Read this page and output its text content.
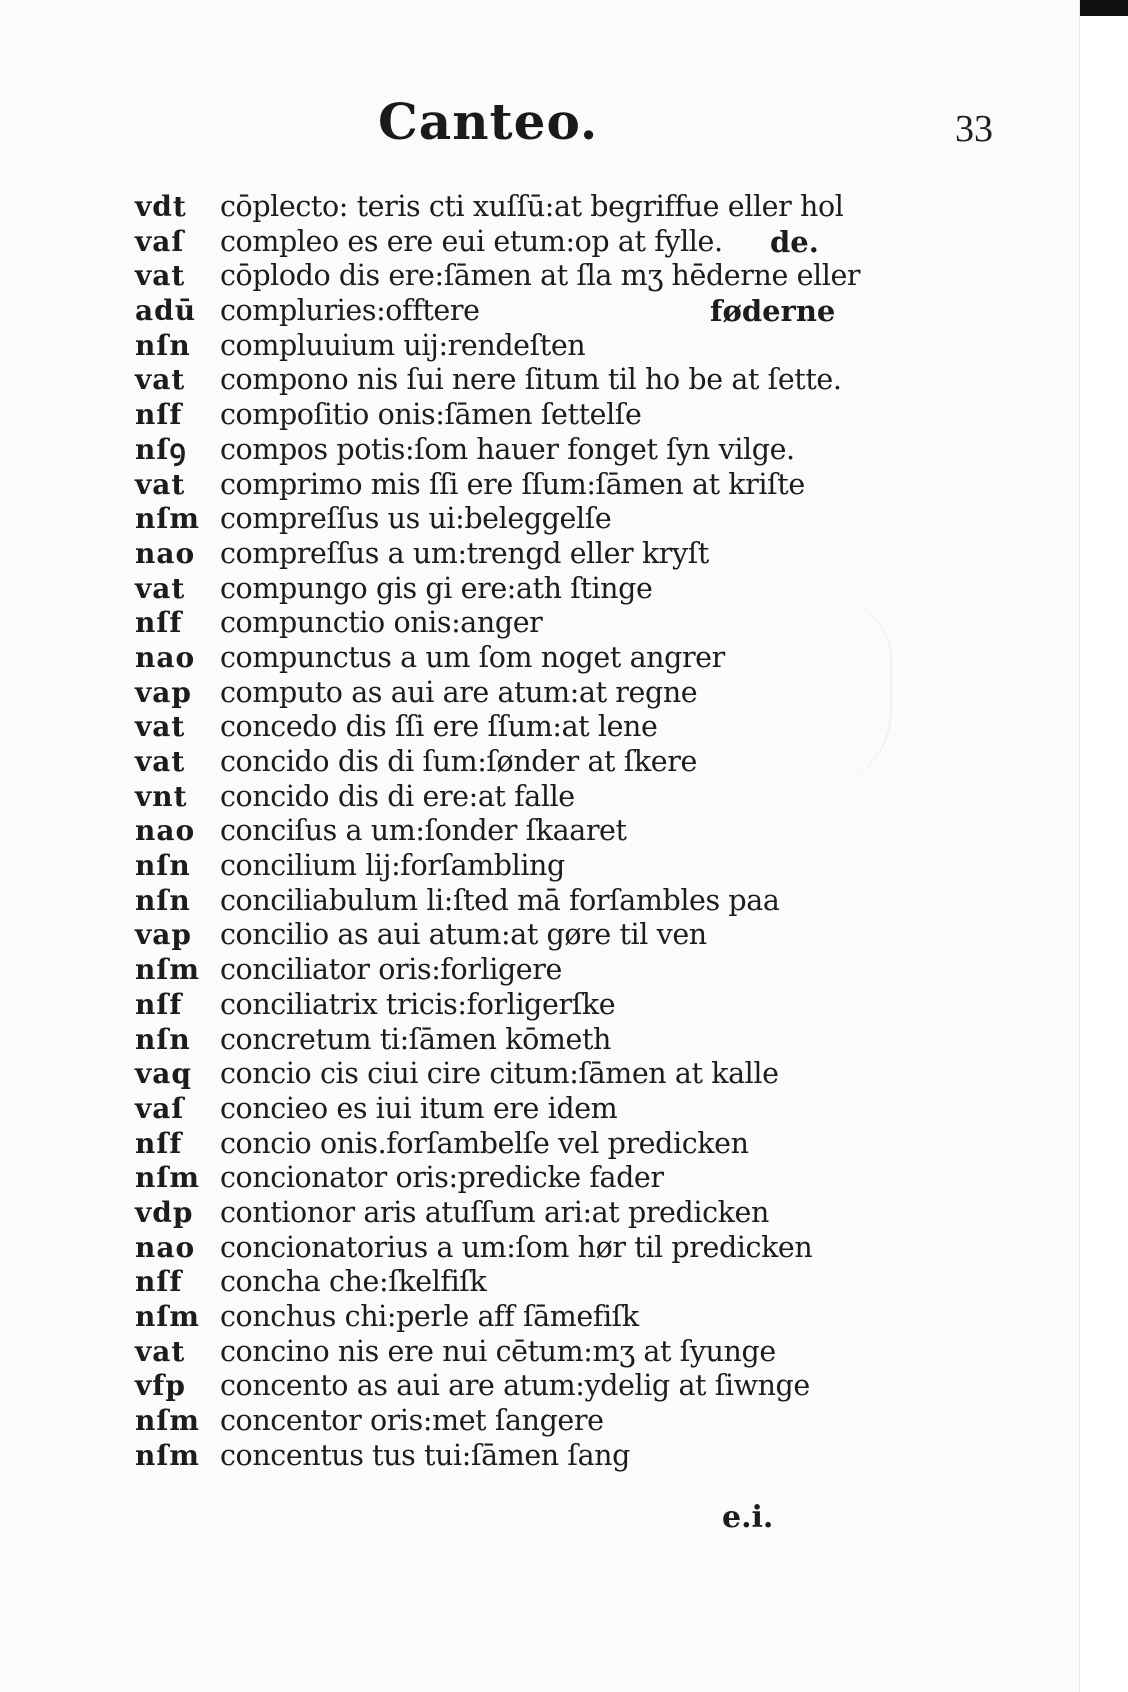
Canteo.	33
vdt	cōplecto: teris cti xuſſū:at begriffue eller hol
vaſ	compleo es ere eui etum:op at fylle. de.
vat	cōplodo dis ere:ſāmen at ſla mʒ hēderne eller
adū compluries:offtere	føderne
nſn	compluuium uij:rendeſten
vat	compono nis ſui nere ſitum til ho be at ſette.
nſf	compoſitio onis:ſāmen ſettelſe
nſꝯ	compos potis:ſom hauer fonget ſyn vilge.
vat	comprimo mis ſſi ere ſſum:ſāmen at kriſte
nſm compreſſus us ui:beleggelſe
nao compreſſus a um:trengd eller kryſt
vat	compungo gis gi ere:ath ſtinge
nſf	compunctio onis:anger
nao compunctus a um ſom noget angrer
vap computo as aui are atum:at regne
vat	concedo dis ſſi ere ſſum:at lene
vat	concido dis di ſum:ſønder at ſkere
vnt	concido dis di ere:at falle
nao conciſus a um:ſonder ſkaaret
nſn	concilium lij:forſambling
nſn	conciliabulum li:ſted mā forſambles paa
vap concilio as aui atum:at gøre til ven
nſm conciliator oris:forligere
nſf	conciliatrix tricis:forligerſke
nſn	concretum ti:ſāmen kōmeth
vaq concio cis ciui cire citum:ſāmen at kalle
vaſ	concieo es iui itum ere idem
nſf	concio onis.forſambelſe vel predicken
nſm concionator oris:predicke fader
vdp contionor aris atuſſum ari:at predicken
nao concionatorius a um:ſom hør til predicken
nſf	concha che:ſkelfiſk
nſm conchus chi:perle aff ſāmefiſk
vat	concino nis ere nui cētum:mʒ at ſyunge
vfp	concento as aui are atum:ydelig at ſiwnge
nſm concentor oris:met ſangere
nſm concentus tus tui:ſāmen ſang
e.i.
